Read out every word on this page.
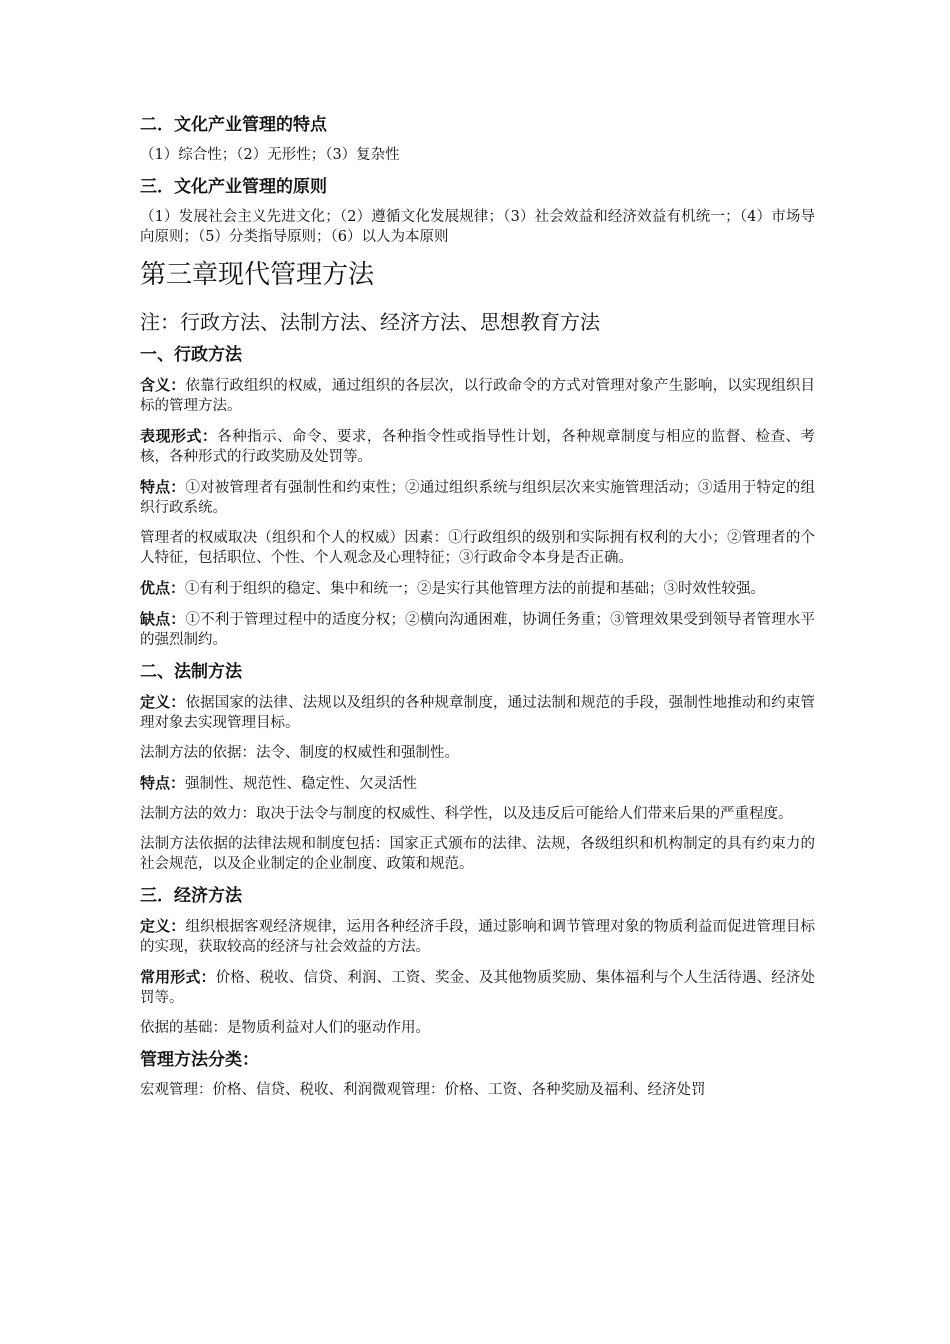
二．文化产业管理的特点
（1）综合性；（2）无形性；（3）复杂性
三．文化产业管理的原则
（1）发展社会主义先进文化；（2）遵循文化发展规律；（3）社会效益和经济效益有机统一；（4）市场导向原则；（5）分类指导原则；（6）以人为本原则
第三章现代管理方法
注：行政方法、法制方法、经济方法、思想教育方法
一、行政方法
含义：依靠行政组织的权威，通过组织的各层次，以行政命令的方式对管理对象产生影响，以实现组织目标的管理方法。
表现形式：各种指示、命令、要求，各种指令性或指导性计划，各种规章制度与相应的监督、检查、考核，各种形式的行政奖励及处罚等。
特点：①对被管理者有强制性和约束性；②通过组织系统与组织层次来实施管理活动；③适用于特定的组织行政系统。
管理者的权威取决（组织和个人的权威）因素：①行政组织的级别和实际拥有权利的大小；②管理者的个人特征，包括职位、个性、个人观念及心理特征；③行政命令本身是否正确。
优点：①有利于组织的稳定、集中和统一；②是实行其他管理方法的前提和基础；③时效性较强。
缺点：①不利于管理过程中的适度分权；②横向沟通困难，协调任务重；③管理效果受到领导者管理水平的强烈制约。
二、法制方法
定义：依据国家的法律、法规以及组织的各种规章制度，通过法制和规范的手段，强制性地推动和约束管理对象去实现管理目标。
法制方法的依据：法令、制度的权威性和强制性。
特点：强制性、规范性、稳定性、欠灵活性
法制方法的效力：取决于法令与制度的权威性、科学性，以及违反后可能给人们带来后果的严重程度。
法制方法依据的法律法规和制度包括：国家正式颁布的法律、法规，各级组织和机构制定的具有约束力的社会规范，以及企业制定的企业制度、政策和规范。
三．经济方法
定义：组织根据客观经济规律，运用各种经济手段，通过影响和调节管理对象的物质利益而促进管理目标的实现，获取较高的经济与社会效益的方法。
常用形式：价格、税收、信贷、利润、工资、奖金、及其他物质奖励、集体福利与个人生活待遇、经济处罚等。
依据的基础：是物质利益对人们的驱动作用。
管理方法分类：
宏观管理：价格、信贷、税收、利润微观管理：价格、工资、各种奖励及福利、经济处罚
